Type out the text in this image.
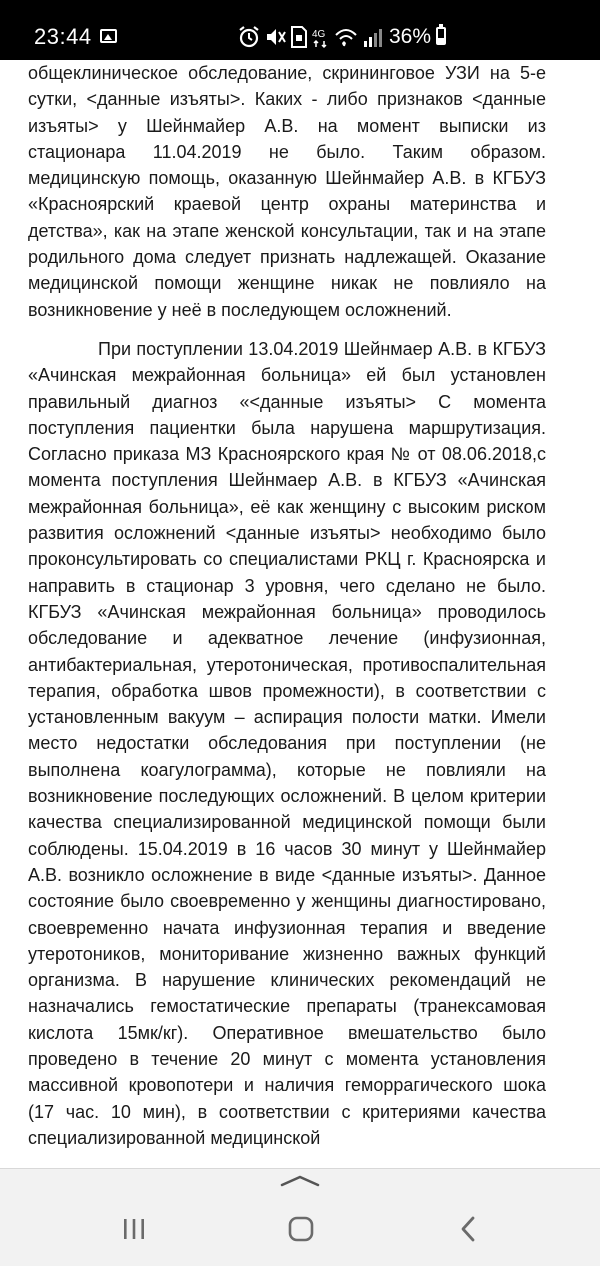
23:44	4G	36%

общеклиническое обследование, скрининговое УЗИ на 5-е сутки, <данные изъяты>. Каких - либо признаков <данные изъяты> у Шейнмайер А.В. на момент выписки из стационара 11.04.2019 не было. Таким образом. медицинскую помощь, оказанную Шейнмайер А.В. в КГБУЗ «Красноярский краевой центр охраны материнства и детства», как на этапе женской консультации, так и на этапе родильного дома следует признать надлежащей. Оказание медицинской помощи женщине никак не повлияло на возникновение у неё в последующем осложнений.

При поступлении 13.04.2019 Шейнмаер А.В. в КГБУЗ «Ачинская межрайонная больница» ей был установлен правильный диагноз «<данные изъяты> С момента поступления пациентки была нарушена маршрутизация. Согласно приказа МЗ Красноярского края № от 08.06.2018,с момента поступления Шейнмаер А.В. в КГБУЗ «Ачинская межрайонная больница», её как женщину с высоким риском развития осложнений <данные изъяты> необходимо было проконсультировать со специалистами РКЦ г. Красноярска и направить в стационар 3 уровня, чего сделано не было. КГБУЗ «Ачинская межрайонная больница» проводилось обследование и адекватное лечение (инфузионная, антибактериальная, утеротоническая, противоспалительная терапия, обработка швов промежности), в соответствии с установленным вакуум – аспирация полости матки. Имели место недостатки обследования при поступлении (не выполнена коагулограмма), которые не повлияли на возникновение последующих осложнений. В целом критерии качества специализированной медицинской помощи были соблюдены. 15.04.2019 в 16 часов 30 минут у Шейнмайер А.В. возникло осложнение в виде <данные изъяты>. Данное состояние было своевременно у женщины диагностировано, своевременно начата инфузионная терапия и введение утеротоников, мониторивание жизненно важных функций организма. В нарушение клинических рекомендаций не назначались гемостатические препараты (транексамовая кислота 15мк/кг). Оперативное вмешательство было проведено в течение 20 минут с момента установления массивной кровопотери и наличия геморрагического шока (17 час. 10 мин), в соответствии с критериями качества специализированной медицинской
